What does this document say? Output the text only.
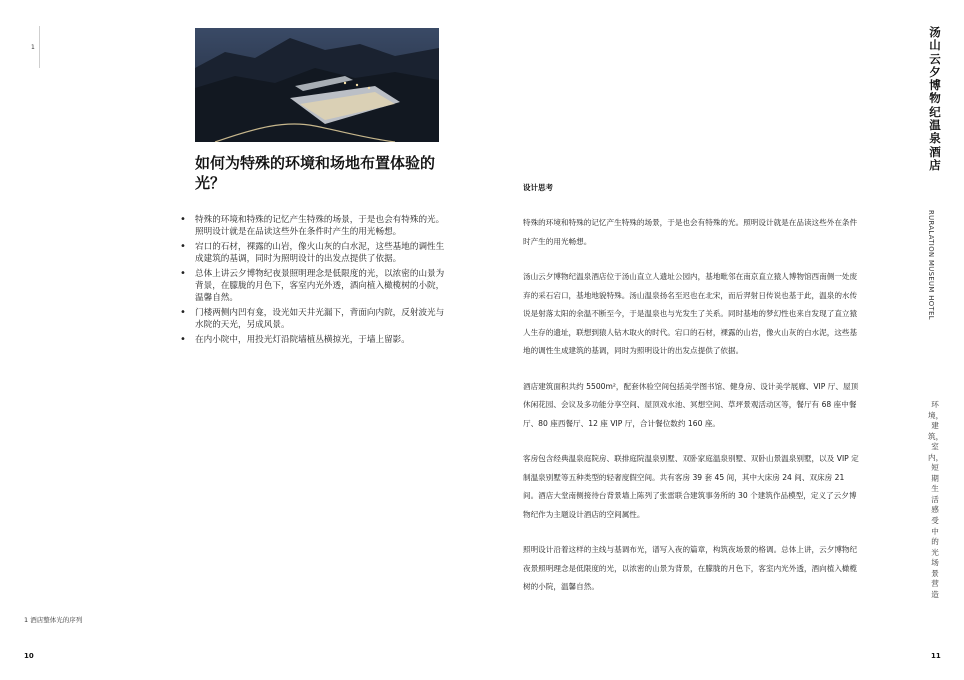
1
如何为特殊的环境和场地布置体验的光？
• 特殊的环境和特殊的记忆产生特殊的场景，于是也会有特殊的光。照明设计就是在品读这些外在条件时产生的用光畅想。
• 宕口的石材，裸露的山岩，像火山灰的白水泥，这些基地的调性生成建筑的基调，同时为照明设计的出发点提供了依据。
• 总体上讲云夕博物纪夜景照明理念是低限度的光，以浓密的山景为背景，在朦胧的月色下，客室内光外透，酒向植入橄榄树的小院，温馨自然。
• 门楼两侧内凹有龛，设光如天井光漏下，背面向内院，反射波光与水院的天光，另成风景。
• 在内小院中，用投光灯沿院墙植丛横掠光，于墙上留影。
设计思考

特殊的环境和特殊的记忆产生特殊的场景，于是也会有特殊的光。照明设计就是在品读这些外在条件时产生的用光畅想。

汤山云夕博物纪温泉酒店位于汤山直立人遗址公园内，基地毗邻在南京直立猿人博物馆西南侧一处废弃的采石宕口，基地地貌特殊。汤山温泉扬名至迟也在北宋，而后羿射日传说也基于此，温泉的水传说是射落太阳的余温不断至今，于是温泉也与光发生了关系。同时基地的梦幻性也来自发现了直立猿人生存的遗址，联想到猿人钻木取火的时代。宕口的石材，裸露的山岩，像火山灰的白水泥，这些基地的调性生成建筑的基调，同时为照明设计的出发点提供了依据。

酒店建筑面积共约 5500m²，配套休验空间包括美学图书馆、健身房、设计美学展廊、VIP 厅、屋顶休闲花园、会议及多功能分享空间、屋顶戏水池、冥想空间、草坪景观活动区等，餐厅有 68 座中餐厅、80 座西餐厅、12 座 VIP 厅，合计餐位数约 160 座。

客房包含经典温泉庭院房、联排庭院温泉别墅、双卧家庭温泉别墅、双卧山景温泉别墅，以及 VIP 定制温泉别墅等五种类型的轻奢度假空间。共有客房 39 套 45 间，其中大床房 24 间、双床房 21 间。酒店大堂南侧接待台背景墙上陈列了张雷联合建筑事务所的 30 个建筑作品模型，定义了云夕博物纪作为主题设计酒店的空间属性。

照明设计沿着这样的主线与基调布光，谱写入夜的篇章，构筑夜场景的格调。总体上讲，云夕博物纪夜景照明理念是低限度的光，以浓密的山景为背景，在朦胧的月色下，客室内光外透，酒向植入橄榄树的小院，温馨自然。

1 酒店整体光的序列
10	11
汤山云夕博物纪温泉酒店
RURALATION MUSEUM HOTEL
环境，建筑，室内，短期生活感受中的光场景营造
